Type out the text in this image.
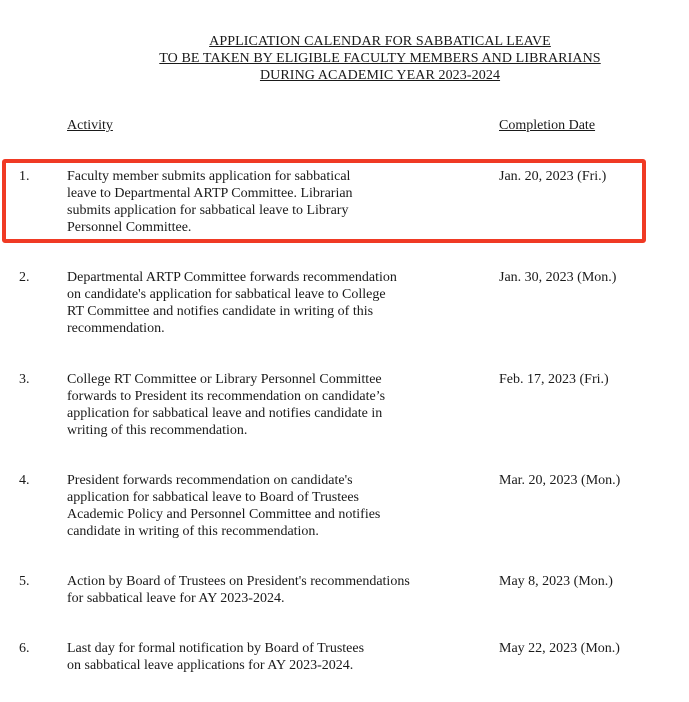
APPLICATION CALENDAR FOR SABBATICAL LEAVE
TO BE TAKEN BY ELIGIBLE FACULTY MEMBERS AND LIBRARIANS
DURING ACADEMIC YEAR 2023-2024
Activity	Completion Date
1.	Faculty member submits application for sabbatical
leave to Departmental ARTP Committee. Librarian
submits application for sabbatical leave to Library
Personnel Committee.
Jan. 20, 2023 (Fri.)
2.	Departmental ARTP Committee forwards recommendation
on candidate's application for sabbatical leave to College
RT Committee and notifies candidate in writing of this
recommendation.
Jan. 30, 2023 (Mon.)
3.	College RT Committee or Library Personnel Committee
forwards to President its recommendation on candidate’s
application for sabbatical leave and notifies candidate in
writing of this recommendation.
Feb. 17, 2023 (Fri.)
4.	President forwards recommendation on candidate's
application for sabbatical leave to Board of Trustees
Academic Policy and Personnel Committee and notifies
candidate in writing of this recommendation.
Mar. 20, 2023 (Mon.)
5.	Action by Board of Trustees on President's recommendations
for sabbatical leave for AY 2023-2024.
May 8, 2023 (Mon.)
6.	Last day for formal notification by Board of Trustees
on sabbatical leave applications for AY 2023-2024.
May 22, 2023 (Mon.)
